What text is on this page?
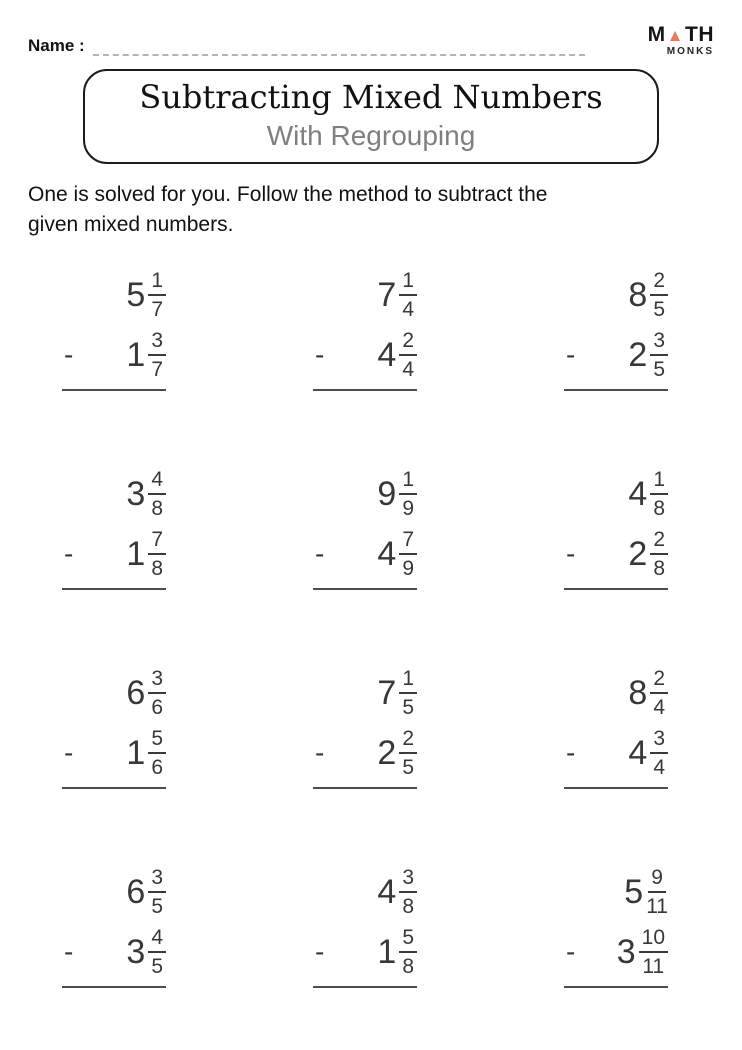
Name :	M ▲ TH
MONKS
Subtracting Mixed Numbers
With Regrouping
One is solved for you. Follow the method to subtract the
given mixed numbers.
$5 \frac{1}{7}$
- $1 \frac{3}{7}$
$7 \frac{1}{4}$
- $4 \frac{2}{4}$
$8 \frac{2}{5}$
- $2 \frac{3}{5}$
$3 \frac{4}{8}$
- $1 \frac{7}{8}$
$9 \frac{1}{9}$
- $4 \frac{7}{9}$
$4 \frac{1}{8}$
- $2 \frac{2}{8}$
$6 \frac{3}{6}$
- $1 \frac{5}{6}$
$7 \frac{1}{5}$
- $2 \frac{2}{5}$
$8 \frac{2}{4}$
- $4 \frac{3}{4}$
$6 \frac{3}{5}$
- $3 \frac{4}{5}$
$4 \frac{3}{8}$
- $1 \frac{5}{8}$
$5 \frac{9}{11}$
- $3 \frac{10}{11}$
